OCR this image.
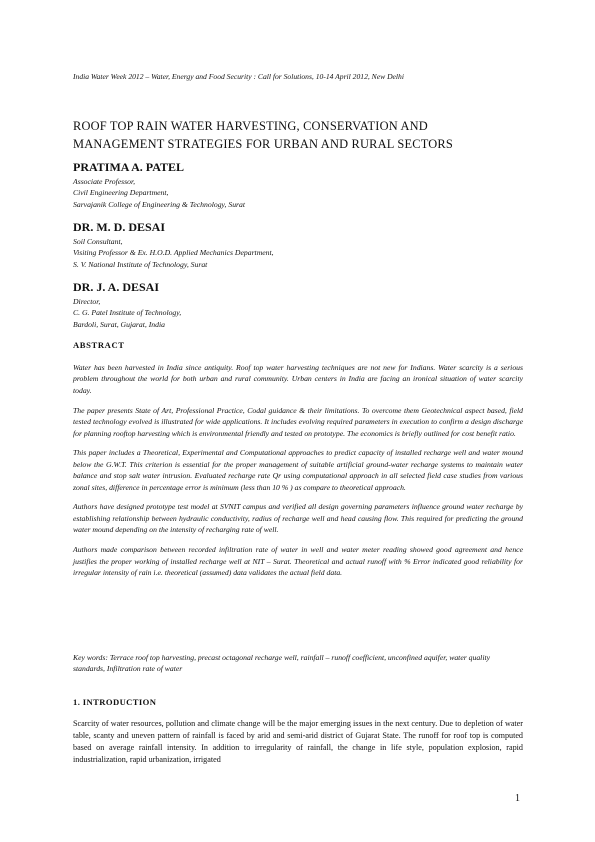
India Water Week 2012 – Water, Energy and Food Security : Call for Solutions, 10-14 April 2012, New Delhi
ROOF TOP RAIN WATER HARVESTING, CONSERVATION AND
MANAGEMENT STRATEGIES FOR URBAN AND RURAL SECTORS
PRATIMA A. PATEL
Associate Professor,
Civil Engineering Department,
Sarvajanik College of Engineering & Technology, Surat
DR. M. D. DESAI
Soil Consultant,
Visiting Professor & Ex. H.O.D. Applied Mechanics Department,
S. V. National Institute of Technology, Surat
DR. J. A. DESAI
Director,
C. G. Patel Institute of Technology,
Bardoli, Surat, Gujarat, India
ABSTRACT

Water has been harvested in India since antiquity. Roof top water harvesting techniques are not new for Indians. Water scarcity is a serious problem throughout the world for both urban and rural community. Urban centers in India are facing an ironical situation of water scarcity today.

The paper presents State of Art, Professional Practice, Codal guidance & their limitations. To overcome them Geotechnical aspect based, field tested technology evolved is illustrated for wide applications. It includes evolving required parameters in execution to confirm a design discharge for planning rooftop harvesting which is environmental friendly and tested on prototype. The economics is briefly outlined for cost benefit ratio.

This paper includes a Theoretical, Experimental and Computational approaches to predict capacity of installed recharge well and water mound below the G.W.T. This criterion is essential for the proper management of suitable artificial ground-water recharge systems to maintain water balance and stop salt water intrusion. Evaluated recharge rate Qr using computational approach in all selected field case studies from various zonal sites, difference in percentage error is minimum (less than 10 % ) as compare to theoretical approach.

Authors have designed prototype test model at SVNIT campus and verified all design governing parameters influence ground water recharge by establishing relationship between hydraulic conductivity, radius of recharge well and head causing flow. This required for predicting the ground water mound depending on the intensity of recharging rate of well.

Authors made comparison between recorded infiltration rate of water in well and water meter reading showed good agreement and hence justifies the proper working of installed recharge well at NIT – Surat. Theoretical and actual runoff with % Error indicated good reliability for irregular intensity of rain i.e. theoretical (assumed) data validates the actual field data.

Key words: Terrace roof top harvesting, precast octagonal recharge well, rainfall – runoff coefficient, unconfined aquifer, water quality standards, Infiltration rate of water
1. INTRODUCTION

Scarcity of water resources, pollution and climate change will be the major emerging issues in the next century. Due to depletion of water table, scanty and uneven pattern of rainfall is faced by arid and semi-arid district of Gujarat State. The runoff for roof top is computed based on average rainfall intensity. In addition to irregularity of rainfall, the change in life style, population explosion, rapid industrialization, rapid urbanization, irrigated

1
